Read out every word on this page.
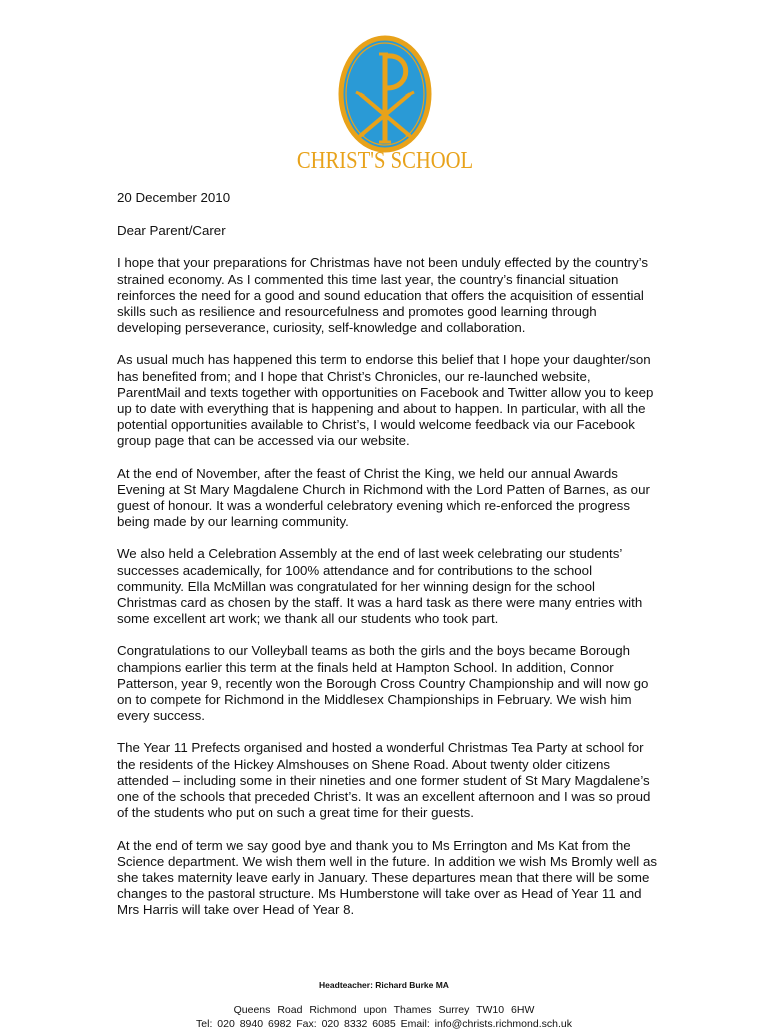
CHRIST'S SCHOOL

20 December 2010

Dear Parent/Carer

I hope that your preparations for Christmas have not been unduly effected by the country’s strained economy. As I commented this time last year, the country’s financial situation reinforces the need for a good and sound education that offers the acquisition of essential skills such as resilience and resourcefulness and promotes good learning through developing perseverance, curiosity, self-knowledge and collaboration.

As usual much has happened this term to endorse this belief that I hope your daughter/son has benefited from; and I hope that Christ’s Chronicles, our re-launched website, ParentMail and texts together with opportunities on Facebook and Twitter allow you to keep up to date with everything that is happening and about to happen. In particular, with all the potential opportunities available to Christ’s, I would welcome feedback via our Facebook group page that can be accessed via our website.

At the end of November, after the feast of Christ the King, we held our annual Awards Evening at St Mary Magdalene Church in Richmond with the Lord Patten of Barnes, as our guest of honour. It was a wonderful celebratory evening which re-enforced the progress being made by our learning community.

We also held a Celebration Assembly at the end of last week celebrating our students’ successes academically, for 100% attendance and for contributions to the school community. Ella McMillan was congratulated for her winning design for the school Christmas card as chosen by the staff. It was a hard task as there were many entries with some excellent art work; we thank all our students who took part.

Congratulations to our Volleyball teams as both the girls and the boys became Borough champions earlier this term at the finals held at Hampton School. In addition, Connor Patterson, year 9, recently won the Borough Cross Country Championship and will now go on to compete for Richmond in the Middlesex Championships in February. We wish him every success.

The Year 11 Prefects organised and hosted a wonderful Christmas Tea Party at school for the residents of the Hickey Almshouses on Shene Road. About twenty older citizens attended – including some in their nineties and one former student of St Mary Magdalene’s one of the schools that preceded Christ’s. It was an excellent afternoon and I was so proud of the students who put on such a great time for their guests.

At the end of term we say good bye and thank you to Ms Errington and Ms Kat from the Science department. We wish them well in the future. In addition we wish Ms Bromly well as she takes maternity leave early in January. These departures mean that there will be some changes to the pastoral structure. Ms Humberstone will take over as Head of Year 11 and Mrs Harris will take over Head of Year 8.

Headteacher: Richard Burke MA
Queens Road Richmond upon Thames Surrey TW10 6HW
Tel: 020 8940 6982 Fax: 020 8332 6085 Email: info@christs.richmond.sch.uk
